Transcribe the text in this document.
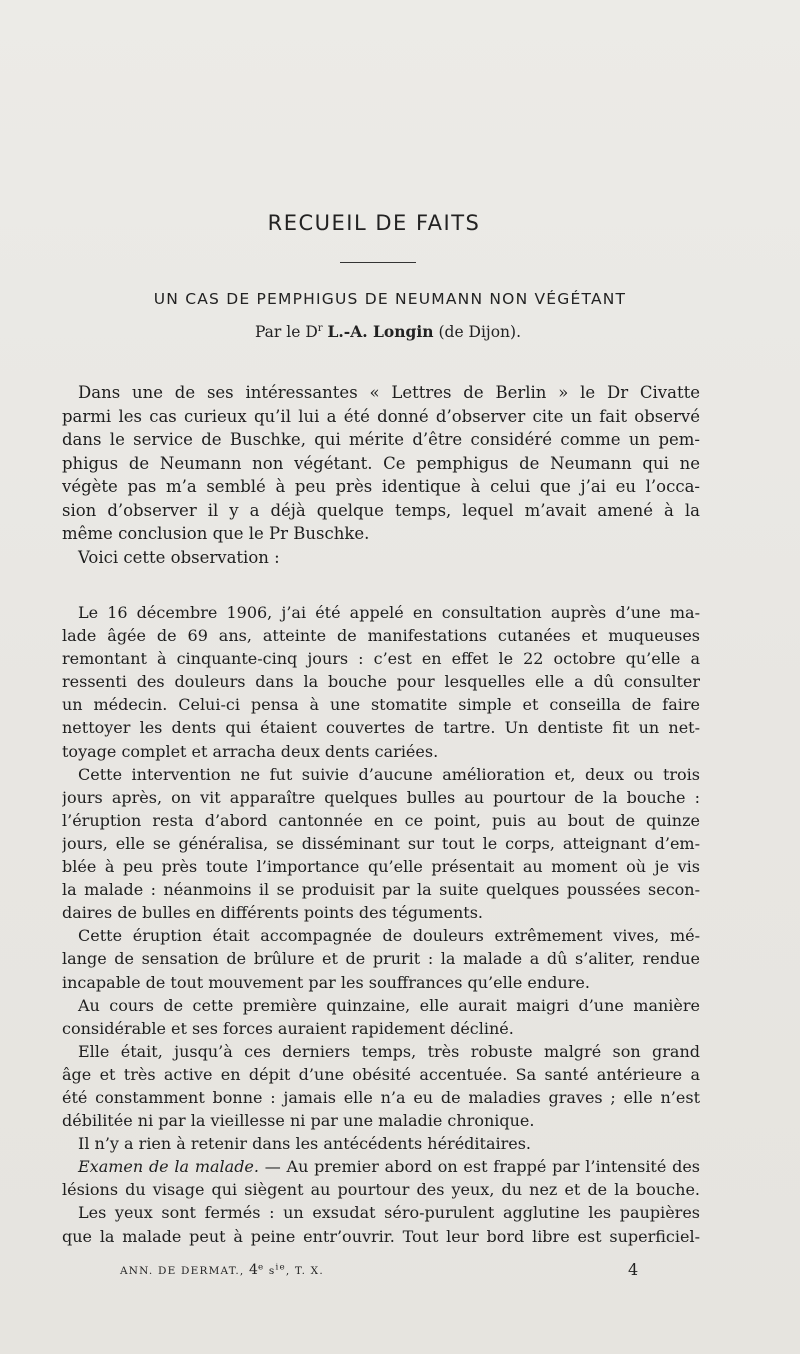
RECUEIL DE FAITS
UN CAS DE PEMPHIGUS DE NEUMANN NON VÉGÉTANT
Par le $D^r$ L.-A. Longin (de Dijon).
Dans une de ses intéressantes « Lettres de Berlin » le Dr Civatte
parmi les cas curieux qu’il lui a été donné d’observer cite un fait observé
dans le service de Buschke, qui mérite d’être considéré comme un pem-
phigus de Neumann non végétant. Ce pemphigus de Neumann qui ne
végète pas m’a semblé à peu près identique à celui que j’ai eu l’occa-
sion d’observer il y a déjà quelque temps, lequel m’avait amené à la
même conclusion que le Pr Buschke.
Voici cette observation :
Le 16 décembre 1906, j’ai été appelé en consultation auprès d’une ma-
lade âgée de 69 ans, atteinte de manifestations cutanées et muqueuses
remontant à cinquante-cinq jours : c’est en effet le 22 octobre qu’elle a
ressenti des douleurs dans la bouche pour lesquelles elle a dû consulter
un médecin. Celui-ci pensa à une stomatite simple et conseilla de faire
nettoyer les dents qui étaient couvertes de tartre. Un dentiste fit un net-
toyage complet et arracha deux dents cariées.
Cette intervention ne fut suivie d’aucune amélioration et, deux ou trois
jours après, on vit apparaître quelques bulles au pourtour de la bouche :
l’éruption resta d’abord cantonnée en ce point, puis au bout de quinze
jours, elle se généralisa, se disséminant sur tout le corps, atteignant d’em-
blée à peu près toute l’importance qu’elle présentait au moment où je vis
la malade : néanmoins il se produisit par la suite quelques poussées secon-
daires de bulles en différents points des téguments.
Cette éruption était accompagnée de douleurs extrêmement vives, mé-
lange de sensation de brûlure et de prurit : la malade a dû s’aliter, rendue
incapable de tout mouvement par les souffrances qu’elle endure.
Au cours de cette première quinzaine, elle aurait maigri d’une manière
considérable et ses forces auraient rapidement décliné.
Elle était, jusqu’à ces derniers temps, très robuste malgré son grand
âge et très active en dépit d’une obésité accentuée. Sa santé antérieure a
été constamment bonne : jamais elle n’a eu de maladies graves ; elle n’est
débilitée ni par la vieillesse ni par une maladie chronique.
Il n’y a rien à retenir dans les antécédents héréditaires.
Examen de la malade. — Au premier abord on est frappé par l’intensité des
lésions du visage qui siègent au pourtour des yeux, du nez et de la bouche.
Les yeux sont fermés : un exsudat séro-purulent agglutine les paupières
que la malade peut à peine entr’ouvrir. Tout leur bord libre est superficiel-
ANN. DE DERMAT., 4e $s^{ie}$, T. X.	4
